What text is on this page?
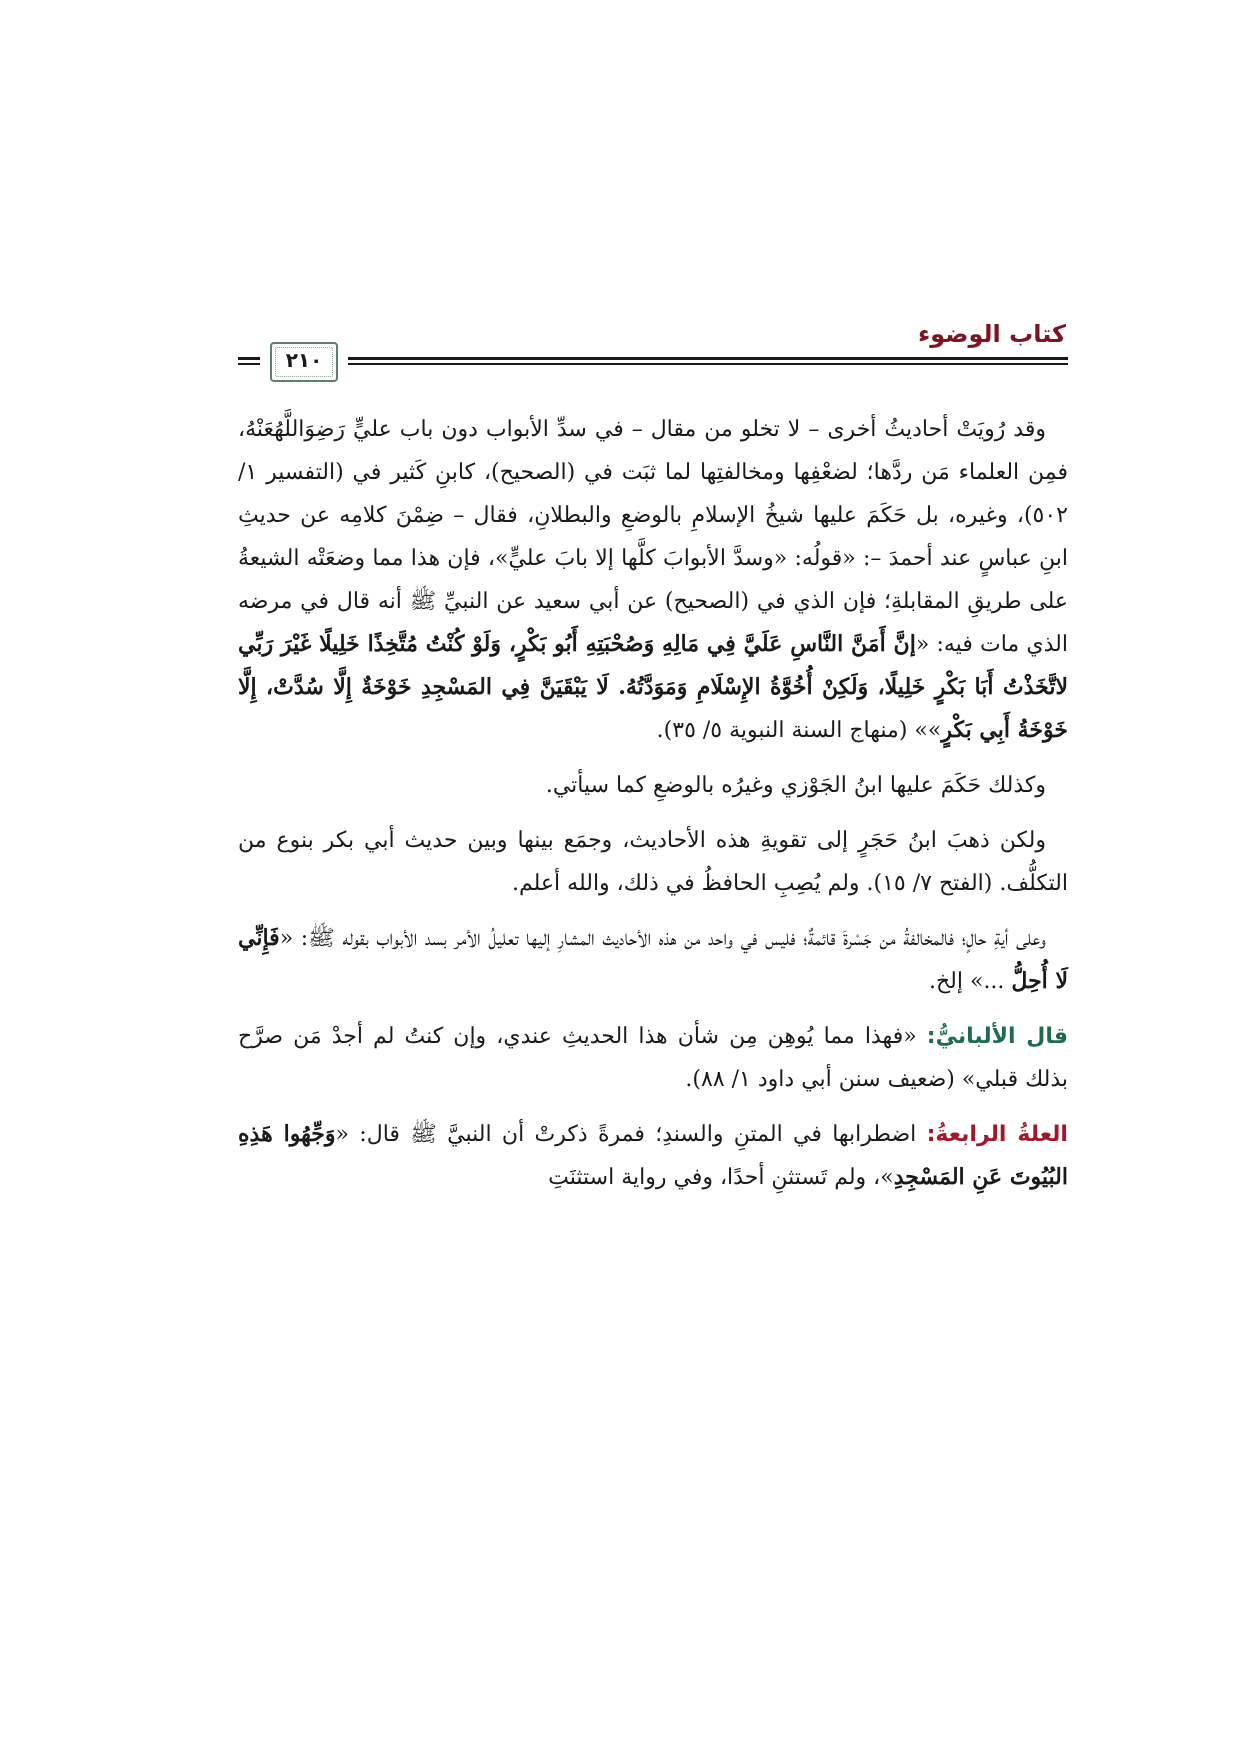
كتاب الوضوء
٢١٠

وقد رُويَتْ أحاديثُ أخرى – لا تخلو من مقال – في سدِّ الأبواب دون باب عليٍّ رَضِوَاللَّهُعَنْهُ، فمِن العلماء مَن ردَّها؛ لضعْفِها ومخالفتِها لما ثبَت في (الصحيح)، كابنِ كَثير في (التفسير ١/ ٥٠٢)، وغيره، بل حَكَمَ عليها شيخُ الإسلامِ بالوضعِ والبطلانِ، فقال – ضِمْنَ كلامِه عن حديثِ ابنِ عباسٍ عند أحمدَ –: «قولُه: «وسدَّ الأبوابَ كلَّها إلا بابَ عليٍّ»، فإن هذا مما وضعَتْه الشيعةُ على طريقِ المقابلةِ؛ فإن الذي في (الصحيح) عن أبي سعيد عن النبيِّ ﷺ أنه قال في مرضه الذي مات فيه: «إنَّ أَمَنَّ النَّاسِ عَلَيَّ فِي مَالِهِ وَصُحْبَتِهِ أَبُو بَكْرٍ، وَلَوْ كُنْتُ مُتَّخِذًا خَلِيلًا غَيْرَ رَبِّي لاتَّخَذْتُ أَبَا بَكْرٍ خَلِيلًا، وَلَكِنْ أُخُوَّةُ الإِسْلَامِ وَمَوَدَّتُهُ. لَا يَبْقَيَنَّ فِي المَسْجِدِ خَوْخَةٌ إِلَّا سُدَّتْ، إِلَّا خَوْخَةُ أَبِي بَكْرٍ»» (منهاج السنة النبوية ٥/ ٣٥).

وكذلك حَكَمَ عليها ابنُ الجَوْزي وغيرُه بالوضعِ كما سيأتي.

ولكن ذهبَ ابنُ حَجَرٍ إلى تقويةِ هذه الأحاديث، وجمَع بينها وبين حديث أبي بكر بنوع من التكلُّف. (الفتح ٧/ ١٥). ولم يُصِبِ الحافظُ في ذلك، والله أعلم.

وعلى أيةِ حالٍ؛ فالمخالفةُ من جَسْرةَ قائمةٌ؛ فليس في واحد من هذه الأحاديث المشارِ إليها تعليلُ الأمر بسد الأبواب بقوله ﷺ: «فَإِنِّي لَا أُحِلُّ ...» إلخ.

قال الألبانيُّ: «فهذا مما يُوهِن مِن شأن هذا الحديثِ عندي، وإن كنتُ لم أجدْ مَن صرَّح بذلك قبلي» (ضعيف سنن أبي داود ١/ ٨٨).

العلةُ الرابعةُ: اضطرابها في المتنِ والسندِ؛ فمرةً ذكرتْ أن النبيَّ ﷺ قال: «وَجِّهُوا هَذِهِ البُيُوتَ عَنِ المَسْجِدِ»، ولم تَستثنِ أحدًا، وفي رواية استثنَتِ
